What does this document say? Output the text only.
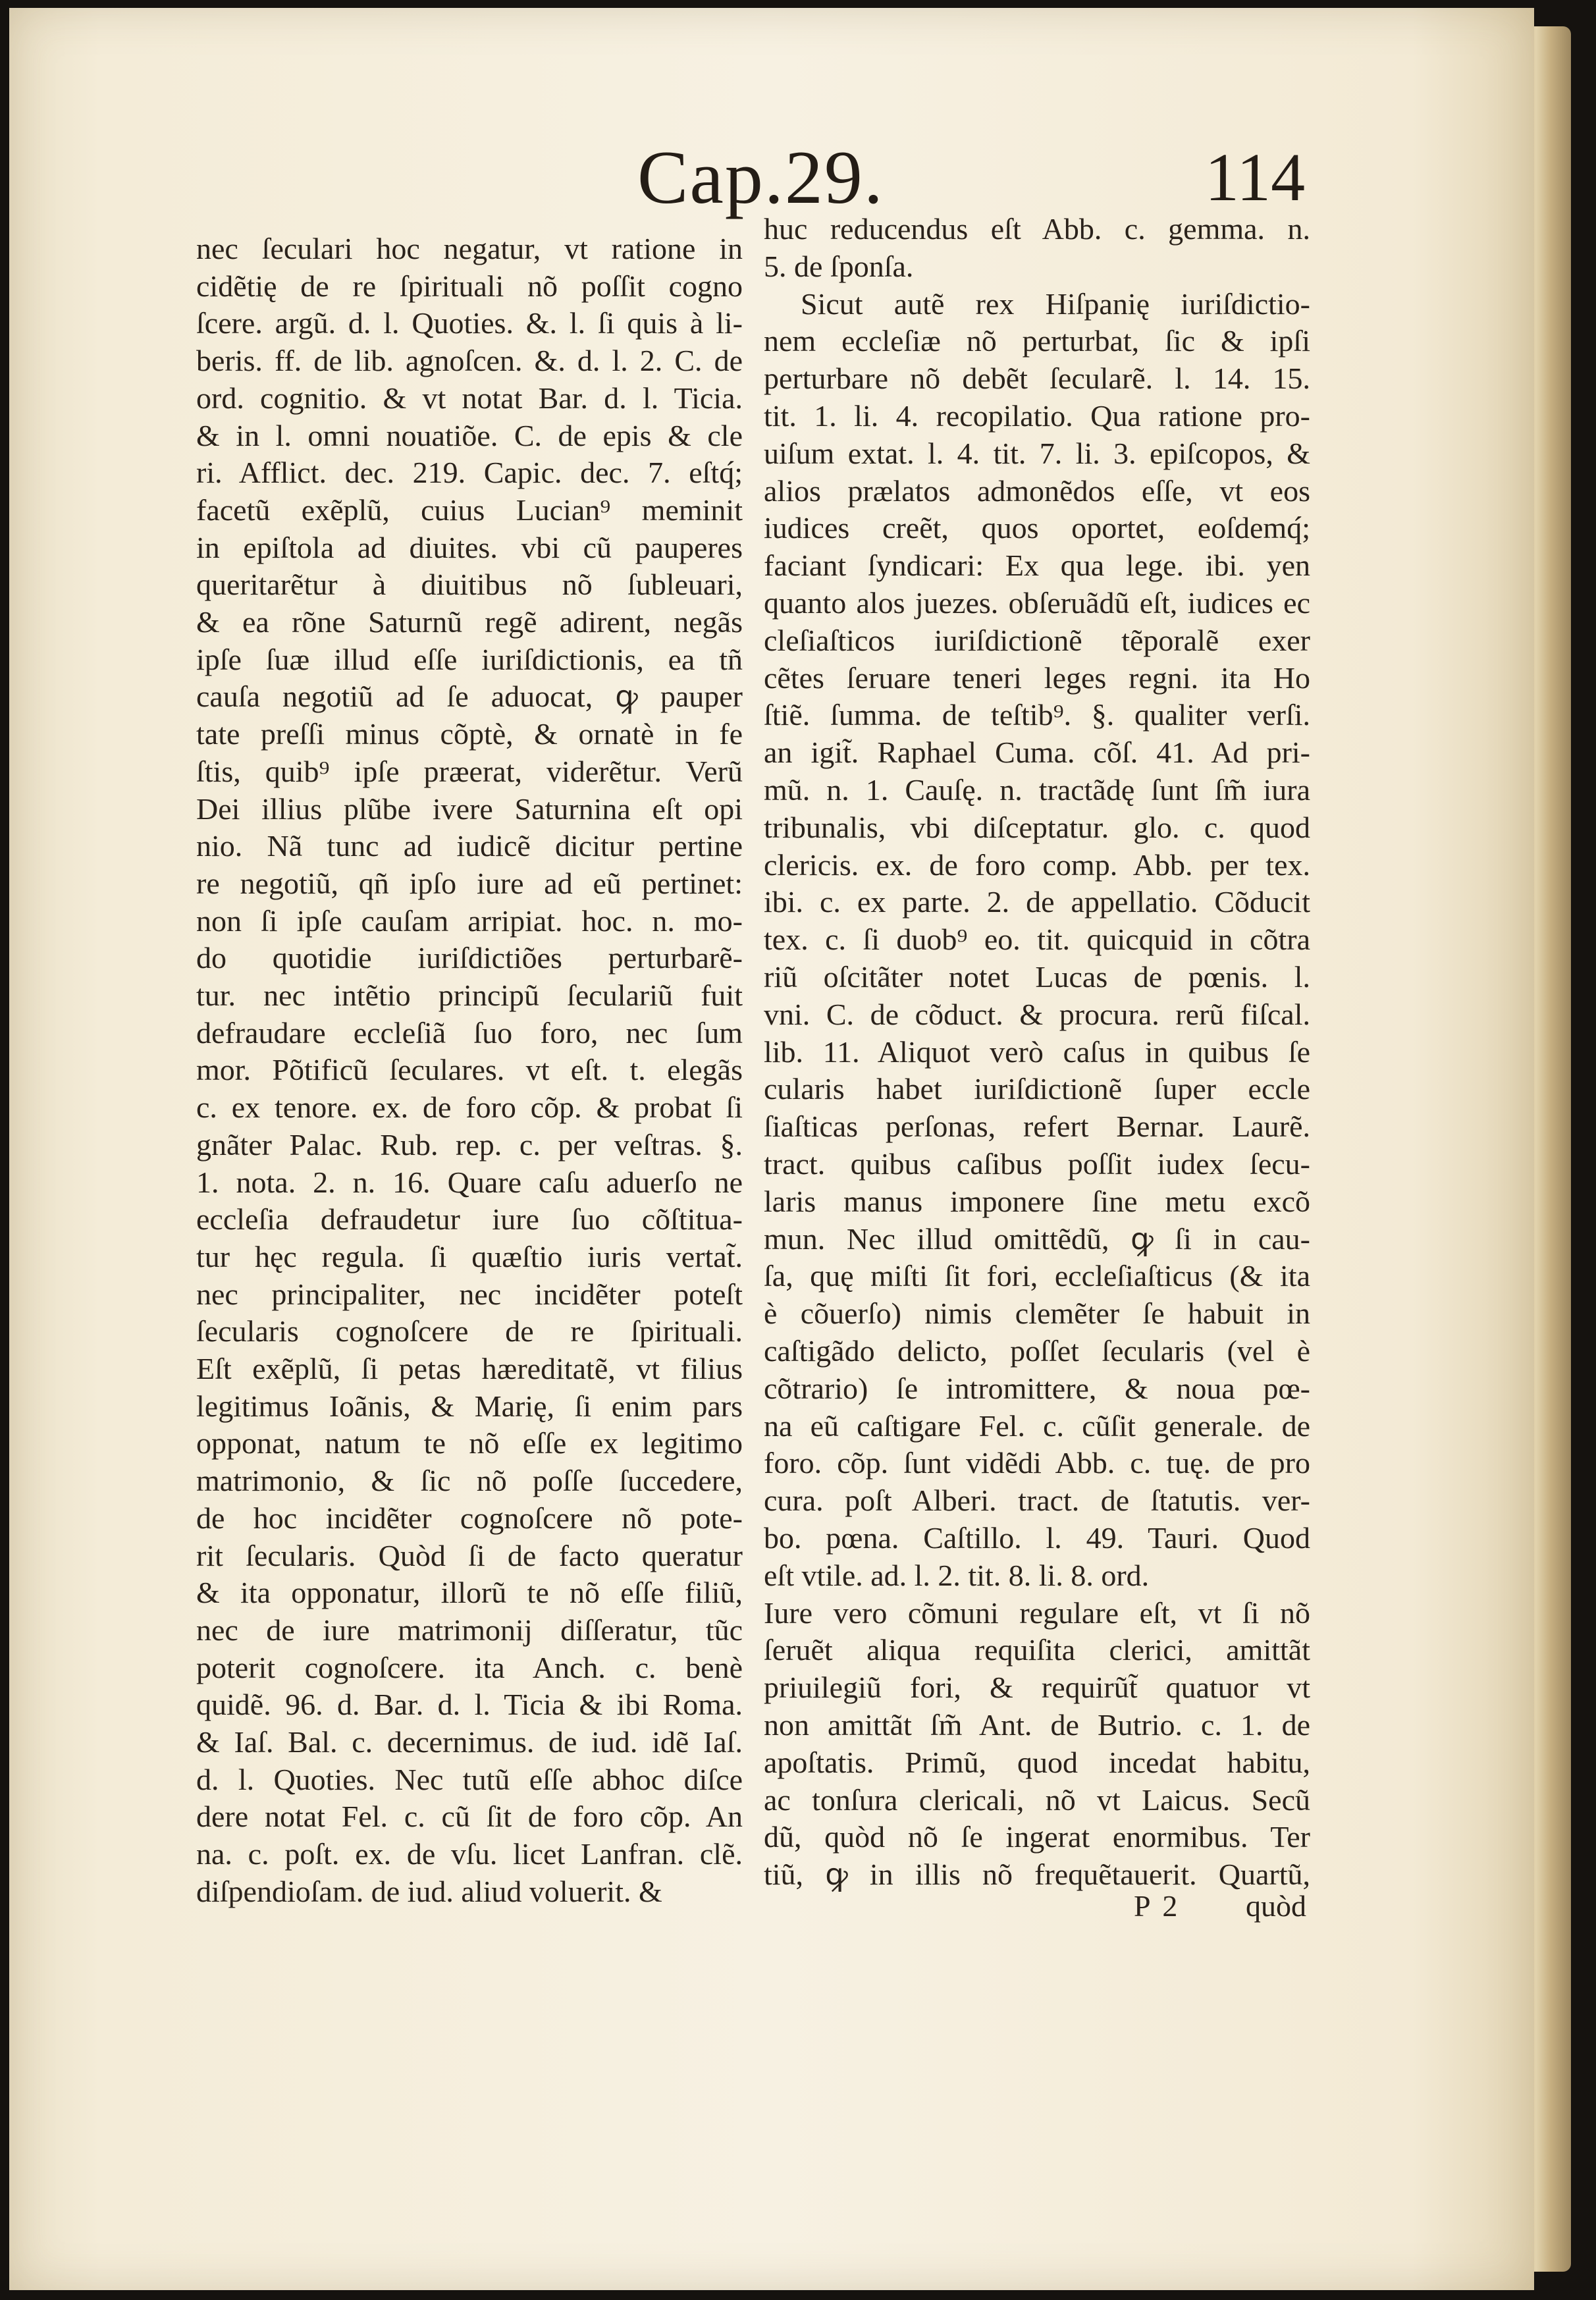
Cap.29.	114
nec ſeculari hoc negatur, vt ratione in
cidẽtię de re ſpirituali nõ poſſit cogno
ſcere. argũ. d. l. Quoties. &. l. ſi quis à li-
beris. ff. de lib. agnoſcen. &. d. l. 2. C. de
ord. cognitio. & vt notat Bar. d. l. Ticia.
& in l. omni nouatiõe. C. de epis & cle
ri. Afflict. dec. 219. Capic. dec. 7. eſtq́;
facetũ exẽplũ, cuius Lucian⁹ meminit
in epiſtola ad diuites. vbi cũ pauperes
queritarẽtur à diuitibus nõ ſubleuari,
& ea rõne Saturnũ regẽ adirent, negãs
ipſe ſuæ illud eſſe iuriſdictionis, ea tñ
cauſa negotiũ ad ſe aduocat, ꝙ pauper
tate preſſi minus cõptè, & ornatè in fe
ſtis, quib⁹ ipſe præerat, viderẽtur. Verũ
Dei illius plũbe ivere Saturnina eſt opi
nio. Nã tunc ad iudicẽ dicitur pertine
re negotiũ, qñ ipſo iure ad eũ pertinet:
non ſi ipſe cauſam arripiat. hoc. n. mo-
do quotidie iuriſdictiões perturbarẽ-
tur. nec intẽtio principũ ſeculariũ fuit
defraudare eccleſiã ſuo foro, nec ſum
mor. Põtificũ ſeculares. vt eſt. t. elegãs
c. ex tenore. ex. de foro cõp. & probat ſi
gnãter Palac. Rub. rep. c. per veſtras. §.
1. nota. 2. n. 16. Quare caſu aduerſo ne
eccleſia defraudetur iure ſuo cõſtitua-
tur hęc regula. ſi quæſtio iuris vertat̃.
nec principaliter, nec incidẽter poteſt
ſecularis cognoſcere de re ſpirituali.
Eſt exẽplũ, ſi petas hæreditatẽ, vt filius
legitimus Ioãnis, & Marię, ſi enim pars
opponat, natum te nõ eſſe ex legitimo
matrimonio, & ſic nõ poſſe ſuccedere,
de hoc incidẽter cognoſcere nõ pote-
rit ſecularis. Quòd ſi de facto queratur
& ita opponatur, illorũ te nõ eſſe filiũ,
nec de iure matrimonij diſſeratur, tũc
poterit cognoſcere. ita Anch. c. benè
quidẽ. 96. d. Bar. d. l. Ticia & ibi Roma.
& Iaſ. Bal. c. decernimus. de iud. idẽ Iaſ.
d. l. Quoties. Nec tutũ eſſe abhoc diſce
dere notat Fel. c. cũ ſit de foro cõp. An
na. c. poſt. ex. de vſu. licet Lanfran. clẽ.
diſpendioſam. de iud. aliud voluerit. &
huc reducendus eſt Abb. c. gemma. n.
5. de ſponſa.
Sicut autẽ rex Hiſpanię iuriſdictio-
nem eccleſiæ nõ perturbat, ſic & ipſi
perturbare nõ debẽt ſecularẽ. l. 14. 15.
tit. 1. li. 4. recopilatio. Qua ratione pro-
uiſum extat. l. 4. tit. 7. li. 3. epiſcopos, &
alios prælatos admonẽdos eſſe, vt eos
iudices creẽt, quos oportet, eoſdemq́;
faciant ſyndicari: Ex qua lege. ibi. yen
quanto alos juezes. obſeruãdũ eſt, iudices ec
cleſiaſticos iuriſdictionẽ tẽporalẽ exer
cẽtes ſeruare teneri leges regni. ita Ho
ſtiẽ. ſumma. de teſtib⁹. §. qualiter verſi.
an igit̃. Raphael Cuma. cõſ. 41. Ad pri-
mũ. n. 1. Cauſę. n. tractãdę ſunt ſm̃ iura
tribunalis, vbi diſceptatur. glo. c. quod
clericis. ex. de foro comp. Abb. per tex.
ibi. c. ex parte. 2. de appellatio. Cõducit
tex. c. ſi duob⁹ eo. tit. quicquid in cõtra
riũ oſcitãter notet Lucas de pœnis. l.
vni. C. de cõduct. & procura. rerũ fiſcal.
lib. 11. Aliquot verò caſus in quibus ſe
cularis habet iuriſdictionẽ ſuper eccle
ſiaſticas perſonas, refert Bernar. Laurẽ.
tract. quibus caſibus poſſit iudex ſecu-
laris manus imponere ſine metu excõ
mun. Nec illud omittẽdũ, ꝙ ſi in cau-
ſa, quę miſti ſit fori, eccleſiaſticus (& ita
è cõuerſo) nimis clemẽter ſe habuit in
caſtigãdo delicto, poſſet ſecularis (vel è
cõtrario) ſe intromittere, & noua pœ-
na eũ caſtigare Fel. c. cũſit generale. de
foro. cõp. ſunt vidẽdi Abb. c. tuę. de pro
cura. poſt Alberi. tract. de ſtatutis. ver-
bo. pœna. Caſtillo. l. 49. Tauri. Quod
eſt vtile. ad. l. 2. tit. 8. li. 8. ord.
Iure vero cõmuni regulare eſt, vt ſi nõ
ſeruẽt aliqua requiſita clerici, amittãt
priuilegiũ fori, & requirũt̃ quatuor vt
non amittãt ſm̃ Ant. de Butrio. c. 1. de
apoſtatis. Primũ, quod incedat habitu,
ac tonſura clericali, nõ vt Laicus. Secũ
dũ, quòd nõ ſe ingerat enormibus. Ter
tiũ, ꝙ in illis nõ frequẽtauerit. Quartũ,
P 2 quòd
